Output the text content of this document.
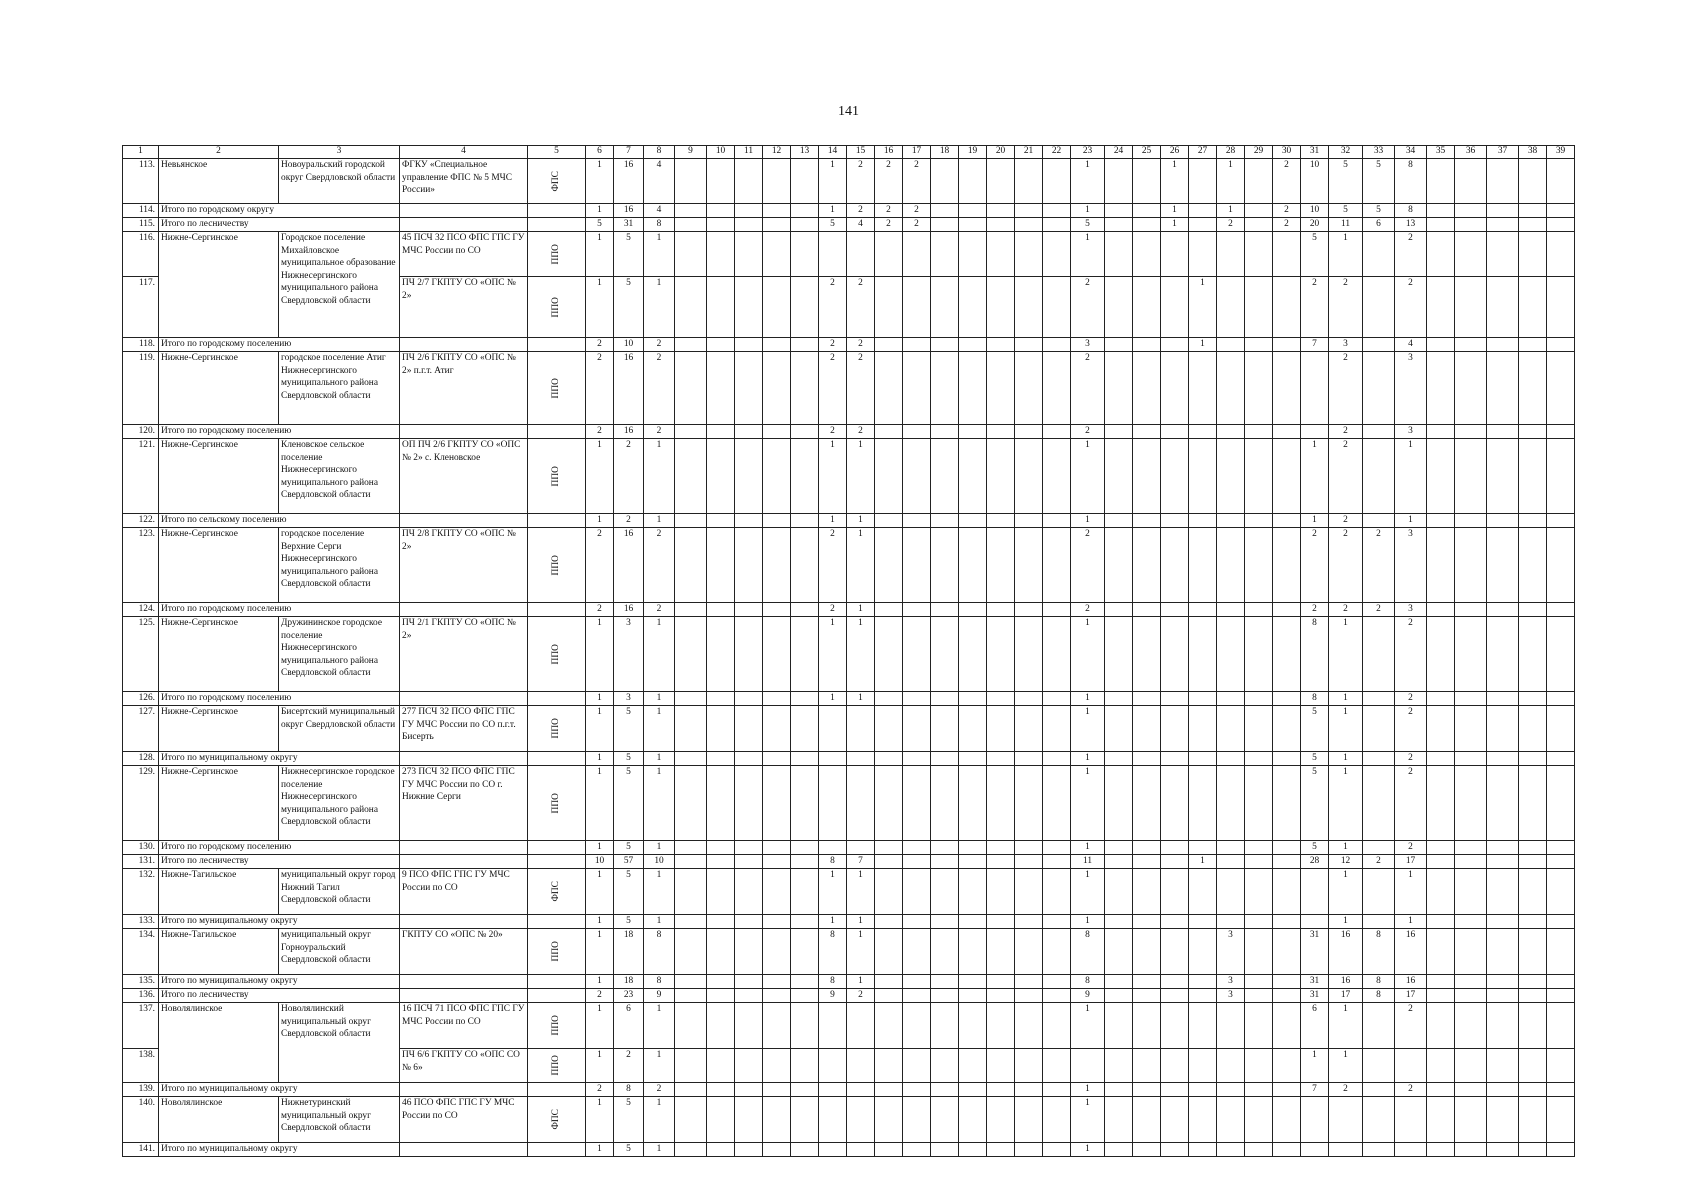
141
1	2	3	4	5	6	7	8	9	10	11	12	13	14	15	16	17	18	19	20	21	22	23	24	25	26	27	28	29	30	31	32	33	34	35	36	37	38	39
113.	Невьянское	Новоуральский городской округ Свердловской области	ФГКУ «Специальное управление ФПС № 5 МЧС России»	ФПС	1	16	4						1	2	2	2						1			1		1		2	10	5	5	8					
114.	Итого по городскому округу				1	16	4						1	2	2	2						1			1		1		2	10	5	5	8					
115.	Итого по лесничеству				5	31	8						5	4	2	2						5			1		2		2	20	11	6	13					
116.	Нижне-Сергинское	Городское поселение Михайловское муниципальное образование Нижнесергинского муниципального района Свердловской области	45 ПСЧ 32 ПСО ФПС ГПС ГУ МЧС России по СО	ППО	1	5	1															1								5	1		2					
117.			ПЧ 2/7 ГКПТУ СО «ОПС № 2»	ППО	1	5	1						2	2								2				1				2	2		2					
118.	Итого по городскому поселению				2	10	2						2	2								3				1				7	3		4					
119.	Нижне-Сергинское	городское поселение Атиг Нижнесергинского муниципального района Свердловской области	ПЧ 2/6 ГКПТУ СО «ОПС № 2» п.г.т. Атиг	ППО	2	16	2						2	2								2									2		3					
120.	Итого по городскому поселению				2	16	2						2	2								2									2		3					
121.	Нижне-Сергинское	Кленовское сельское поселение Нижнесергинского муниципального района Свердловской области	ОП ПЧ 2/6 ГКПТУ СО «ОПС № 2» с. Кленовское	ППО	1	2	1						1	1								1								1	2		1					
122.	Итого по сельскому поселению				1	2	1						1	1								1								1	2		1					
123.	Нижне-Сергинское	городское поселение Верхние Серги Нижнесергинского муниципального района Свердловской области	ПЧ 2/8 ГКПТУ СО «ОПС № 2»	ППО	2	16	2						2	1								2								2	2	2	3					
124.	Итого по городскому поселению				2	16	2						2	1								2								2	2	2	3					
125.	Нижне-Сергинское	Дружининское городское поселение Нижнесергинского муниципального района Свердловской области	ПЧ 2/1 ГКПТУ СО «ОПС № 2»	ППО	1	3	1						1	1								1								8	1		2					
126.	Итого по городскому поселению				1	3	1						1	1								1								8	1		2					
127.	Нижне-Сергинское	Бисертский муниципальный округ Свердловской области	277 ПСЧ 32 ПСО ФПС ГПС ГУ МЧС России по СО п.г.т. Бисерть	ППО	1	5	1															1								5	1		2					
128.	Итого по муниципальному округу				1	5	1															1								5	1		2					
129.	Нижне-Сергинское	Нижнесергинское городское поселение Нижнесергинского муниципального района Свердловской области	273 ПСЧ 32 ПСО ФПС ГПС ГУ МЧС России по СО г. Нижние Серги	ППО	1	5	1															1								5	1		2					
130.	Итого по городскому поселению				1	5	1															1								5	1		2					
131.	Итого по лесничеству				10	57	10						8	7								11				1				28	12	2	17					
132.	Нижне-Тагильское	муниципальный округ город Нижний Тагил Свердловской области	9 ПСО ФПС ГПС ГУ МЧС России по СО	ФПС	1	5	1						1	1								1									1		1					
133.	Итого по муниципальному округу				1	5	1						1	1								1									1		1					
134.	Нижне-Тагильское	муниципальный округ Горноуральский Свердловской области	ГКПТУ СО «ОПС № 20»	ППО	1	18	8						8	1								8					3			31	16	8	16					
135.	Итого по муниципальному округу				1	18	8						8	1								8					3			31	16	8	16					
136.	Итого по лесничеству				2	23	9						9	2								9					3			31	17	8	17					
137.	Новолялинское	Новолялинский муниципальный округ Свердловской области	16 ПСЧ 71 ПСО ФПС ГПС ГУ МЧС России по СО	ППО	1	6	1															1								6	1		2					
138.			ПЧ 6/6 ГКПТУ СО «ОПС СО № 6»	ППО	1	2	1																							1	1							
139.	Итого по муниципальному округу				2	8	2															1								7	2		2					
140.	Новолялинское	Нижнетуринский муниципальный округ Свердловской области	46 ПСО ФПС ГПС ГУ МЧС России по СО	ФПС	1	5	1															1																
141.	Итого по муниципальному округу				1	5	1															1																
